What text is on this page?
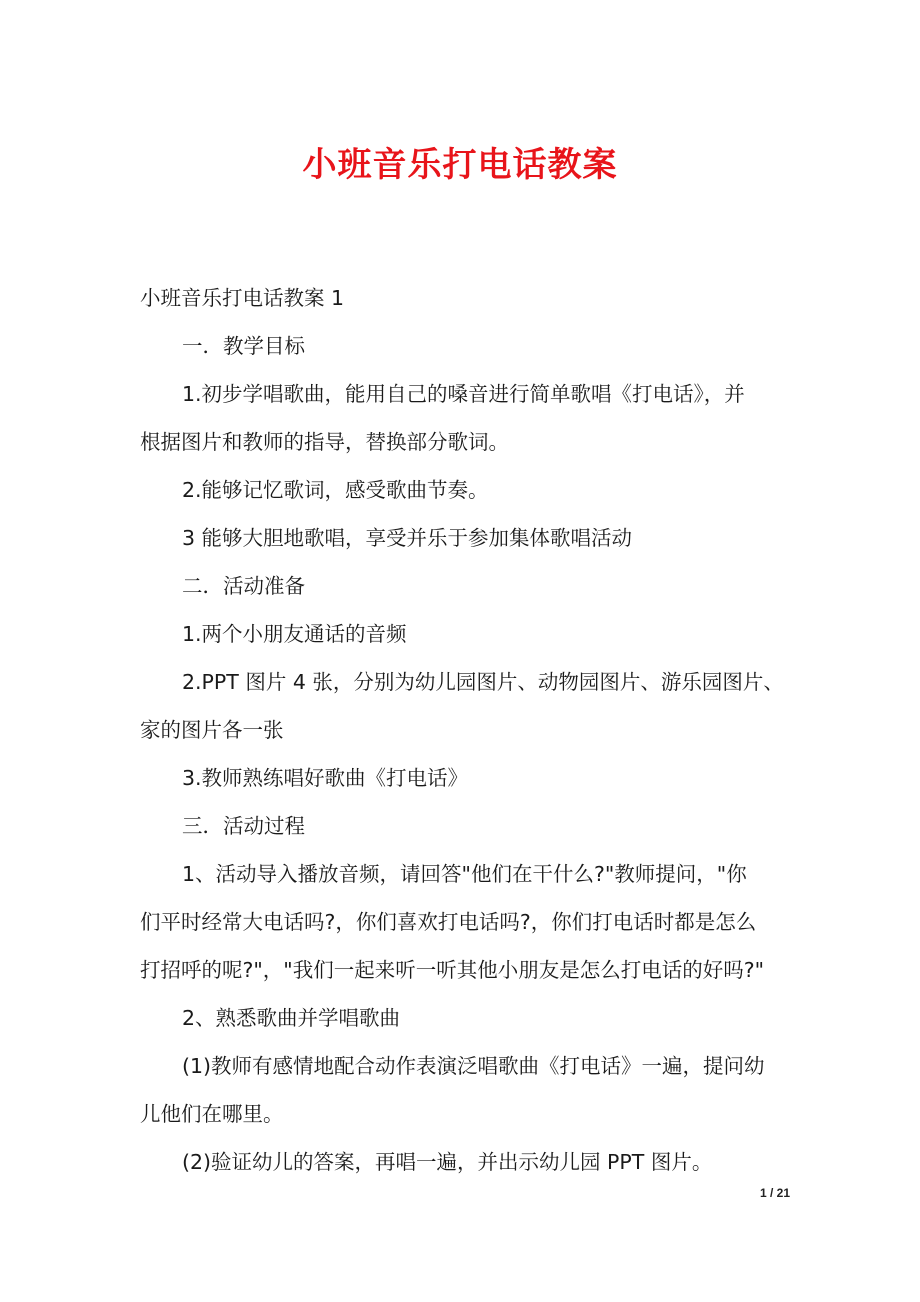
小班音乐打电话教案

小班音乐打电话教案 1

一．教学目标

1.初步学唱歌曲，能用自己的嗓音进行简单歌唱《打电话》，并

根据图片和教师的指导，替换部分歌词。

2.能够记忆歌词，感受歌曲节奏。

3 能够大胆地歌唱，享受并乐于参加集体歌唱活动

二．活动准备

1.两个小朋友通话的音频

2.PPT 图片 4 张，分别为幼儿园图片、动物园图片、游乐园图片、

家的图片各一张

3.教师熟练唱好歌曲《打电话》

三．活动过程

1、活动导入播放音频，请回答"他们在干什么?"教师提问，"你

们平时经常大电话吗?，你们喜欢打电话吗?，你们打电话时都是怎么

打招呼的呢?"，"我们一起来听一听其他小朋友是怎么打电话的好吗?"

2、熟悉歌曲并学唱歌曲

(1)教师有感情地配合动作表演泛唱歌曲《打电话》一遍，提问幼

儿他们在哪里。

(2)验证幼儿的答案，再唱一遍，并出示幼儿园 PPT 图片。

1 / 21
